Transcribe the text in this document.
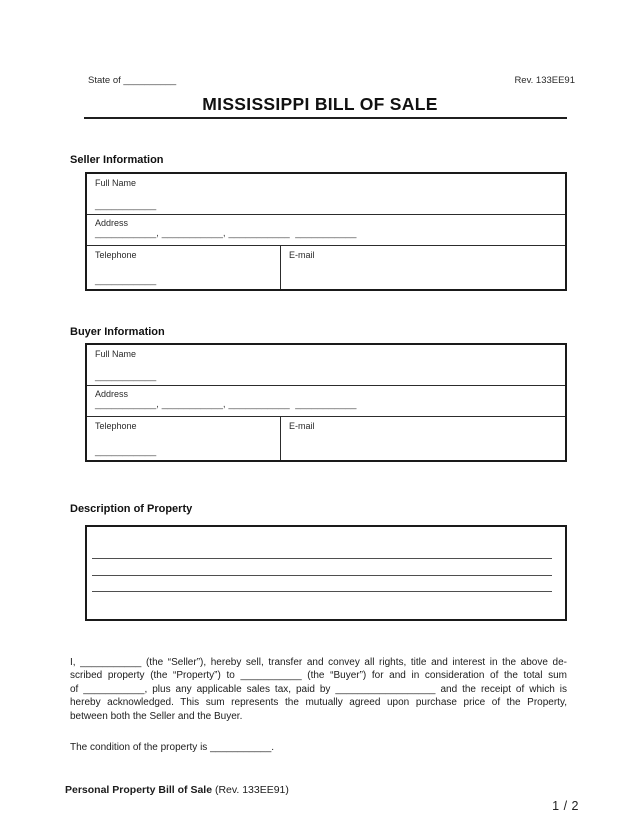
State of __________	Rev. 133EE91
MISSISSIPPI BILL OF SALE
Seller Information
Full Name
___________
Address
___________, ___________, ___________  ___________
Telephone
___________
E-mail
Buyer Information
Full Name
___________
Address
___________, ___________, ___________  ___________
Telephone
___________
E-mail
Description of Property
I, ___________ (the “Seller”), hereby sell, transfer and convey all rights, title and interest in the above de-
scribed property (the “Property”) to ___________ (the “Buyer”) for and in consideration of the total sum
of ___________, plus any applicable sales tax, paid by __________________ and the receipt of which is
hereby acknowledged. This sum represents the mutually agreed upon purchase price of the Property,
between both the Seller and the Buyer.
The condition of the property is ___________.
Personal Property Bill of Sale (Rev. 133EE91)
1 / 2
